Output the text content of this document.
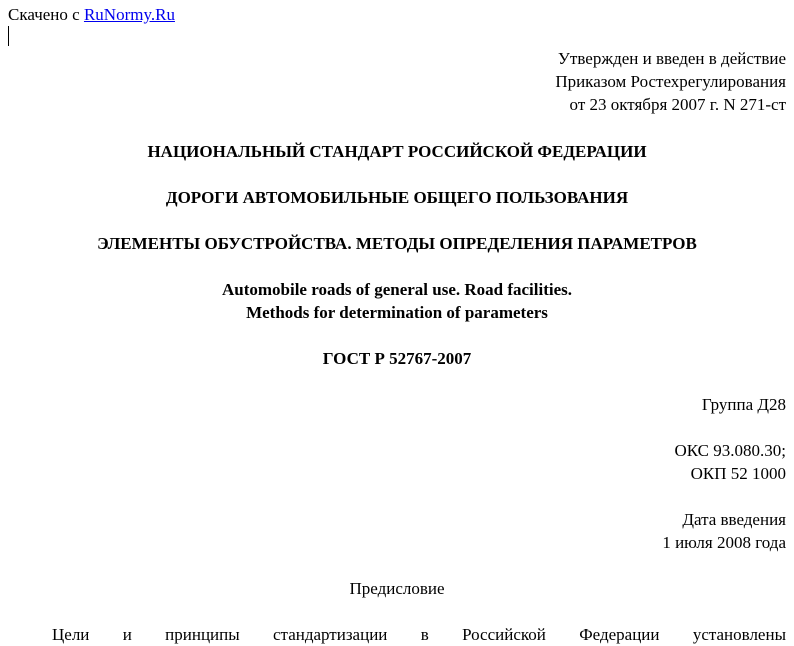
Скачено с RuNormy.Ru
Утвержден и введен в действие
Приказом Ростехрегулирования
от 23 октября 2007 г. N 271-ст
НАЦИОНАЛЬНЫЙ СТАНДАРТ РОССИЙСКОЙ ФЕДЕРАЦИИ
ДОРОГИ АВТОМОБИЛЬНЫЕ ОБЩЕГО ПОЛЬЗОВАНИЯ
ЭЛЕМЕНТЫ ОБУСТРОЙСТВА. МЕТОДЫ ОПРЕДЕЛЕНИЯ ПАРАМЕТРОВ
Automobile roads of general use. Road facilities.
Methods for determination of parameters
ГОСТ Р 52767-2007
Группа Д28
ОКС 93.080.30;
ОКП 52 1000
Дата введения
1 июля 2008 года
Предисловие
Цели и принципы стандартизации в Российской Федерации установлены
